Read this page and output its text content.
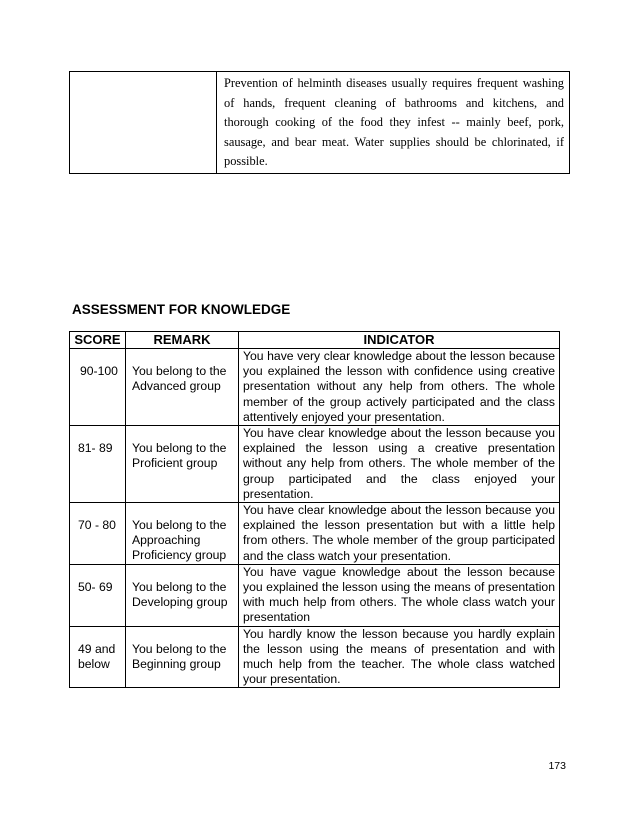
Prevention of helminth diseases usually requires frequent washing of hands, frequent cleaning of bathrooms and kitchens, and thorough cooking of the food they infest -- mainly beef, pork, sausage, and bear meat. Water supplies should be chlorinated, if possible.

ASSESSMENT FOR KNOWLEDGE
SCORE	REMARK	INDICATOR
90-100	You belong to the Advanced group	You have very clear knowledge about the lesson because you explained the lesson with confidence using creative presentation without any help from others. The whole member of the group actively participated and the class attentively enjoyed your presentation.
81- 89	You belong to the Proficient group	You have clear knowledge about the lesson because you explained the lesson using a creative presentation without any help from others. The whole member of the group participated and the class enjoyed your presentation.
70 - 80	You belong to the Approaching Proficiency group	You have clear knowledge about the lesson because you explained the lesson presentation but with a little help from others. The whole member of the group participated and the class watch your presentation.
50- 69	You belong to the Developing group	You have vague knowledge about the lesson because you explained the lesson using the means of presentation with much help from others. The whole class watch your presentation
49 and below	You belong to the Beginning group	You hardly know the lesson because you hardly explain the lesson using the means of presentation and with much help from the teacher. The whole class watched your presentation.

173
